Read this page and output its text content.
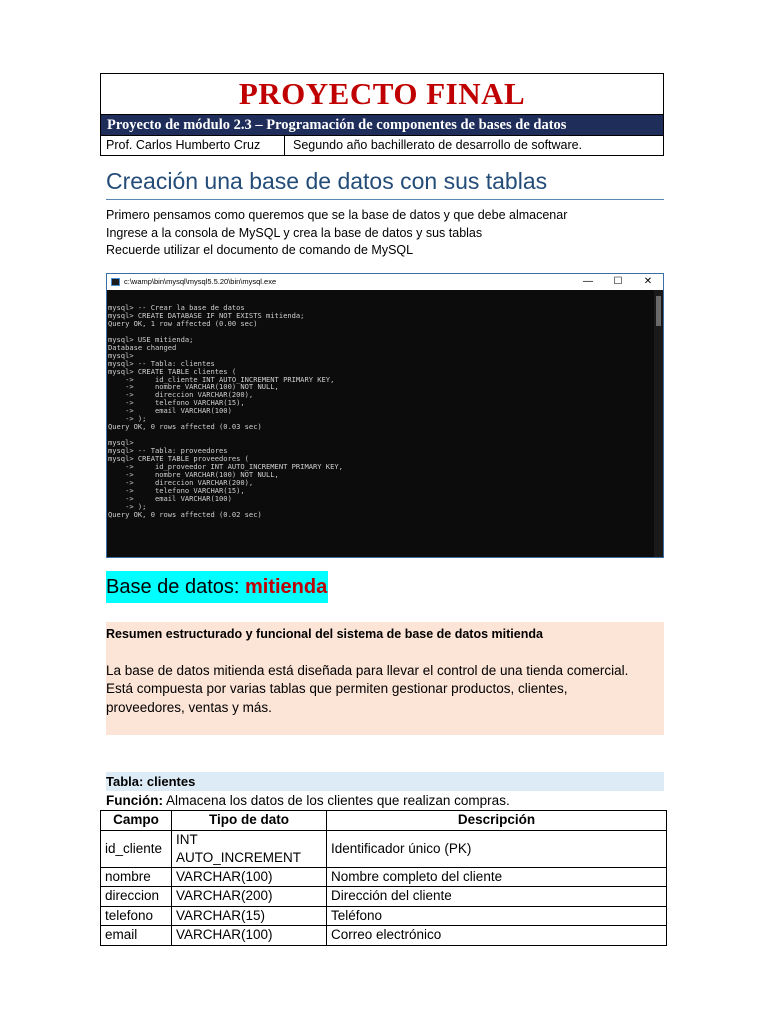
PROYECTO FINAL
Proyecto de módulo 2.3 – Programación de componentes de bases de datos
Prof. Carlos Humberto Cruz	Segundo año bachillerato de desarrollo de software.
Creación una base de datos con sus tablas
Primero pensamos como queremos que se la base de datos y que debe almacenar
Ingrese a la consola de MySQL y crea la base de datos y sus tablas
Recuerde utilizar el documento de comando de MySQL
c:\wamp\bin\mysql\mysql5.5.20\bin\mysql.exe	—	☐	✕
mysql> -- Crear la base de datos
mysql> CREATE DATABASE IF NOT EXISTS mitienda;
Query OK, 1 row affected (0.00 sec)
mysql> USE mitienda;
Database changed
mysql>
mysql> -- Tabla: clientes
mysql> CREATE TABLE clientes (
->     id_cliente INT AUTO_INCREMENT PRIMARY KEY,
->     nombre VARCHAR(100) NOT NULL,
->     direccion VARCHAR(200),
->     telefono VARCHAR(15),
->     email VARCHAR(100)
-> );
Query OK, 0 rows affected (0.03 sec)
mysql>
mysql> -- Tabla: proveedores
mysql> CREATE TABLE proveedores (
->     id_proveedor INT AUTO_INCREMENT PRIMARY KEY,
->     nombre VARCHAR(100) NOT NULL,
->     direccion VARCHAR(200),
->     telefono VARCHAR(15),
->     email VARCHAR(100)
-> );
Query OK, 0 rows affected (0.02 sec)
Base de datos: mitienda
Resumen estructurado y funcional del sistema de base de datos mitienda

La base de datos mitienda está diseñada para llevar el control de una tienda comercial.

Está compuesta por varias tablas que permiten gestionar productos, clientes,

proveedores, ventas y más.

Tabla: clientes
Función: Almacena los datos de los clientes que realizan compras.
Campo	Tipo de dato	Descripción
id_cliente	INT AUTO_INCREMENT	Identificador único (PK)
nombre	VARCHAR(100)	Nombre completo del cliente
direccion	VARCHAR(200)	Dirección del cliente
telefono	VARCHAR(15)	Teléfono
email	VARCHAR(100)	Correo electrónico
